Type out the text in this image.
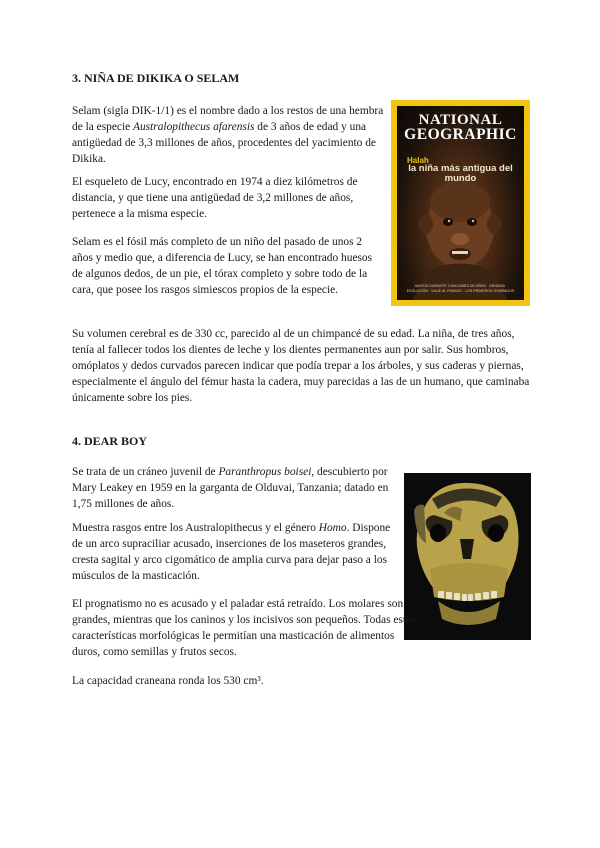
3. NIÑA DE DIKIKA O SELAM

Selam (sigla DIK-1/1) es el nombre dado a los restos de una hembra de la especie Australopithecus afarensis de 3 años de edad y una antigüedad de 3,3 millones de años, procedentes del yacimiento de Dikika.

El esqueleto de Lucy, encontrado en 1974 a diez kilómetros de distancia, y que tiene una antigüedad de 3,2 millones de años, pertenece a la misma especie.

Selam es el fósil más completo de un niño del pasado de unos 2 años y medio que, a diferencia de Lucy, se han encontrado huesos de algunos dedos, de un pie, el tórax completo y sobre todo de la cara, que posee los rasgos simiescos propios de la especie.

NATIONAL
GEOGRAPHIC
Halah
la niña más antigua del mundo
JUNTOS DURANTE 3 MILLONES DE AÑOS · GENOMA · EVOLUCIÓN · VIAJE AL PASADO · LOS PRIMEROS HOMÍNIDOS

Su volumen cerebral es de 330 cc, parecido al de un chimpancé de su edad. La niña, de tres años, tenía al fallecer todos los dientes de leche y los dientes permanentes aun por salir. Sus hombros, omóplatos y dedos curvados parecen indicar que podía trepar a los árboles, y sus caderas y piernas, especialmente el ángulo del fémur hasta la cadera, muy parecidas a las de un humano, que caminaba únicamente sobre los pies.

4. DEAR BOY

Se trata de un cráneo juvenil de Paranthropus boisei, descubierto por Mary Leakey en 1959 en la garganta de Olduvai, Tanzania; datado en 1,75 millones de años.

Muestra rasgos entre los Australopithecus y el género Homo. Dispone de un arco supraciliar acusado, inserciones de los maseteros grandes, cresta sagital y arco cigomático de amplia curva para dejar paso a los músculos de la masticación.

El prognatismo no es acusado y el paladar está retraído. Los molares son grandes, mientras que los caninos y los incisivos son pequeños. Todas estas características morfológicas le permitían una masticación de alimentos duros, como semillas y frutos secos.

La capacidad craneana ronda los 530 cm³.
